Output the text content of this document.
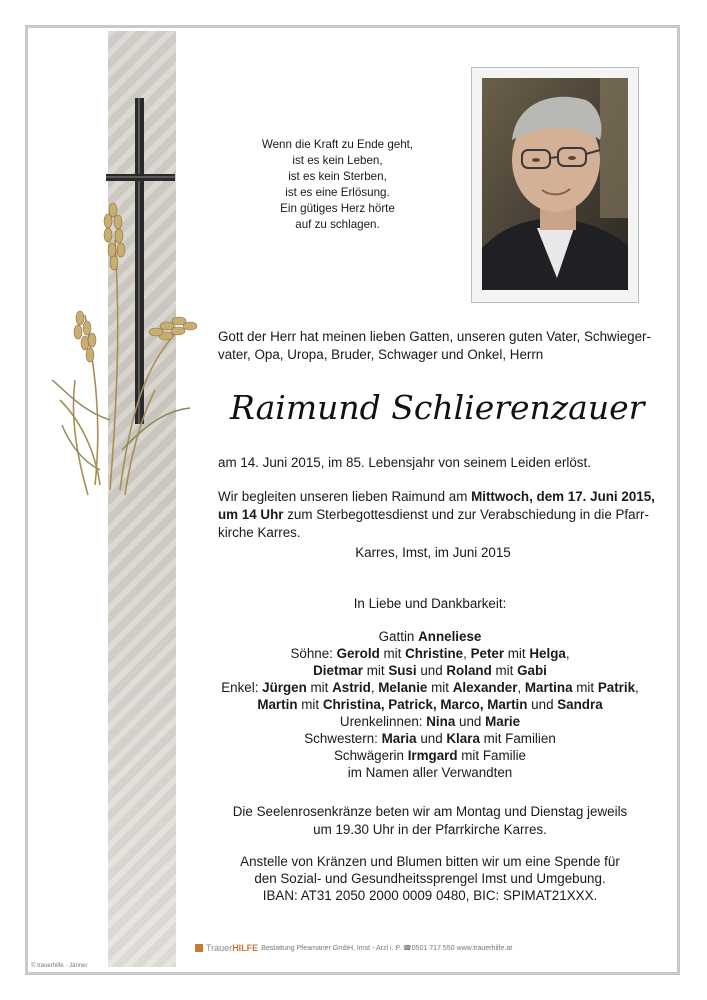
Wenn die Kraft zu Ende geht,
ist es kein Leben,
ist es kein Sterben,
ist es eine Erlösung.
Ein gütiges Herz hörte
auf zu schlagen.
Gott der Herr hat meinen lieben Gatten, unseren guten Vater, Schwieger-
vater, Opa, Uropa, Bruder, Schwager und Onkel, Herrn
Raimund Schlierenzauer
am 14. Juni 2015, im 85. Lebensjahr von seinem Leiden erlöst.
Wir begleiten unseren lieben Raimund am Mittwoch, dem 17. Juni 2015,
um 14 Uhr zum Sterbegottesdienst und zur Verabschiedung in die Pfarr-
kirche Karres.
Karres, Imst, im Juni 2015
In Liebe und Dankbarkeit:
Gattin Anneliese
Söhne: Gerold mit Christine, Peter mit Helga,
Dietmar mit Susi und Roland mit Gabi
Enkel: Jürgen mit Astrid, Melanie mit Alexander, Martina mit Patrik,
Martin mit Christina, Patrick, Marco, Martin und Sandra
Urenkelinnen: Nina und Marie
Schwestern: Maria und Klara mit Familien
Schwägerin Irmgard mit Familie
im Namen aller Verwandten
Die Seelenrosenkränze beten wir am Montag und Dienstag jeweils
um 19.30 Uhr in der Pfarrkirche Karres.
Anstelle von Kränzen und Blumen bitten wir um eine Spende für
den Sozial- und Gesundheitssprengel Imst und Umgebung.
IBAN: AT31 2050 2000 0009 0480, BIC: SPIMAT21XXX.
TrauerHILFE Bestattung Pfeamaner GmbH, Imst - Arzl i. P. ☎0501 717 550 www.trauerhilfe.at
© trauerhilfe · Jänner
